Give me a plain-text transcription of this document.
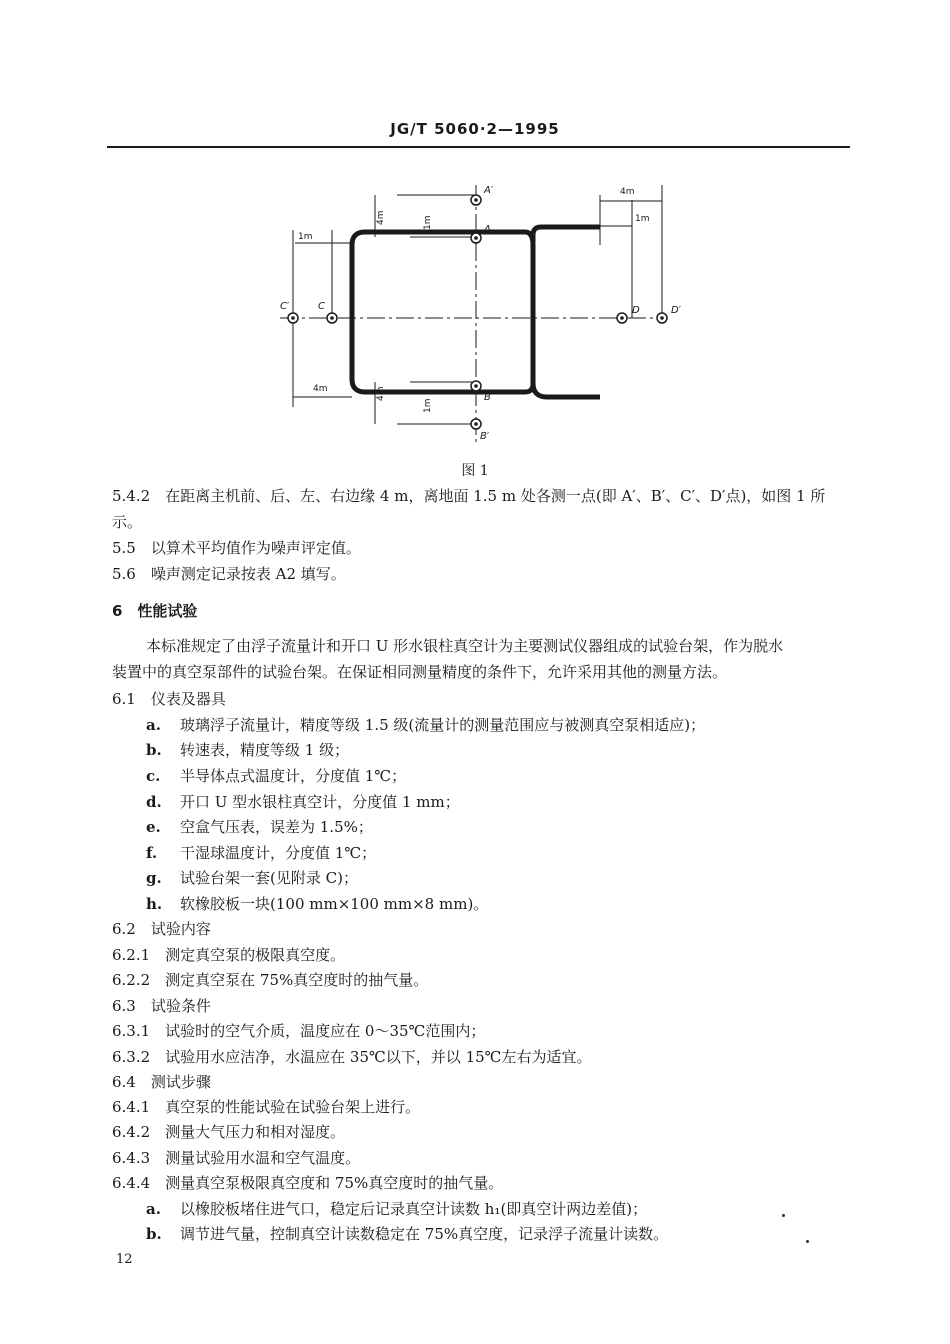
JG/T 5060·2—1995
A′
A
B
B′
C′	C	D	D′
1m
4m
4m
1m
4m	1m
4m
1m
图 1
5.4.2　在距离主机前、后、左、右边缘 4 m，离地面 1.5 m 处各测一点(即 A′、B′、C′、D′点)，如图 1 所
示。
5.5　以算术平均值作为噪声评定值。
5.6　噪声测定记录按表 A2 填写。
6　性能试验
本标准规定了由浮子流量计和开口 U 形水银柱真空计为主要测试仪器组成的试验台架，作为脱水
装置中的真空泵部件的试验台架。在保证相同测量精度的条件下，允许采用其他的测量方法。
6.1　仪表及器具
a. 玻璃浮子流量计，精度等级 1.5 级(流量计的测量范围应与被测真空泵相适应)；
b. 转速表，精度等级 1 级；
c. 半导体点式温度计，分度值 1℃；
d. 开口 U 型水银柱真空计，分度值 1 mm；
e. 空盒气压表，误差为 1.5%；
f. 干湿球温度计，分度值 1℃；
g. 试验台架一套(见附录 C)；
h. 软橡胶板一块(100 mm×100 mm×8 mm)。
6.2　试验内容
6.2.1　测定真空泵的极限真空度。
6.2.2　测定真空泵在 75%真空度时的抽气量。
6.3　试验条件
6.3.1　试验时的空气介质，温度应在 0～35℃范围内；
6.3.2　试验用水应洁净，水温应在 35℃以下，并以 15℃左右为适宜。
6.4　测试步骤
6.4.1　真空泵的性能试验在试验台架上进行。
6.4.2　测量大气压力和相对湿度。
6.4.3　测量试验用水温和空气温度。
6.4.4　测量真空泵极限真空度和 75%真空度时的抽气量。
a. 以橡胶板堵住进气口，稳定后记录真空计读数 h₁(即真空计两边差值)；
b. 调节进气量，控制真空计读数稳定在 75%真空度，记录浮子流量计读数。
12
